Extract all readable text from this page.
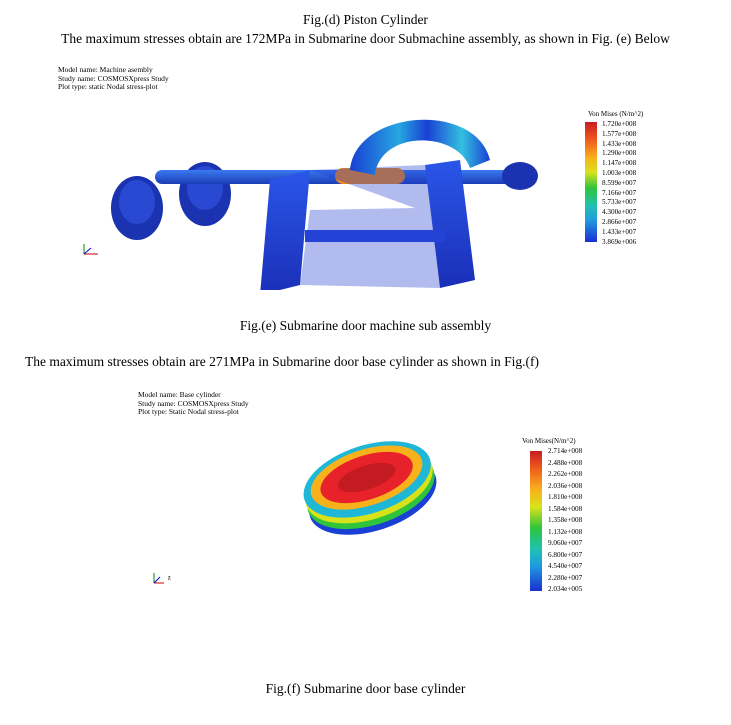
Fig.(d) Piston Cylinder
The maximum stresses obtain are 172MPa in Submarine door Submachine assembly, as shown in Fig. (e) Below
Model name: Machine asembly
Study name: COSMOSXpress Study
Plot type: static Nodal stress-plot
Von Mises (N/m^2)
1.720e+008
1.577e+008
1.433e+008
1.290e+008
1.147e+008
1.003e+008
8.599e+007
7.166e+007
5.733e+007
4.300e+007
2.866e+007
1.433e+007
3.869e+006
Fig.(e) Submarine door machine sub assembly
The maximum stresses obtain are 271MPa in Submarine door base cylinder as shown in Fig.(f)
Model name: Base cylinder
Study name: COSMOSXpress Study
Plot type: Static Nodal stress-plot
z
Von Mises(N/m^2)
2.714e+008
2.488e+008
2.262e+008
2.036e+008
1.810e+008
1.584e+008
1.358e+008
1.132e+008
9.060e+007
6.800e+007
4.540e+007
2.280e+007
2.034e+005
Fig.(f) Submarine door base cylinder
